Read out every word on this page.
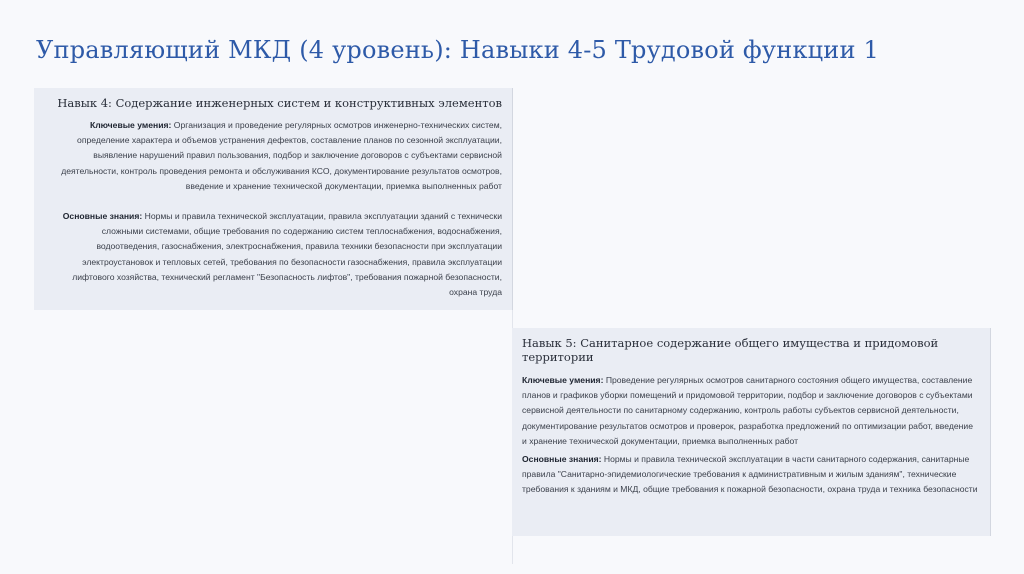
Управляющий МКД (4 уровень): Навыки 4-5 Трудовой функции 1
Навык 4: Содержание инженерных систем и конструктивных элементов
Ключевые умения: Организация и проведение регулярных осмотров инженерно-технических систем, определение характера и объемов устранения дефектов, составление планов по сезонной эксплуатации, выявление нарушений правил пользования, подбор и заключение договоров с субъектами сервисной деятельности, контроль проведения ремонта и обслуживания КСО, документирование результатов осмотров, введение и хранение технической документации, приемка выполненных работ
Основные знания: Нормы и правила технической эксплуатации, правила эксплуатации зданий с технически сложными системами, общие требования по содержанию систем теплоснабжения, водоснабжения, водоотведения, газоснабжения, электроснабжения, правила техники безопасности при эксплуатации электроустановок и тепловых сетей, требования по безопасности газоснабжения, правила эксплуатации лифтового хозяйства, технический регламент "Безопасность лифтов", требования пожарной безопасности, охрана труда
Навык 5: Санитарное содержание общего имущества и придомовой территории
Ключевые умения: Проведение регулярных осмотров санитарного состояния общего имущества, составление планов и графиков уборки помещений и придомовой территории, подбор и заключение договоров с субъектами сервисной деятельности по санитарному содержанию, контроль работы субъектов сервисной деятельности, документирование результатов осмотров и проверок, разработка предложений по оптимизации работ, введение и хранение технической документации, приемка выполненных работ
Основные знания: Нормы и правила технической эксплуатации в части санитарного содержания, санитарные правила "Санитарно-эпидемиологические требования к административным и жилым зданиям", технические требования к зданиям и МКД, общие требования к пожарной безопасности, охрана труда и техника безопасности
